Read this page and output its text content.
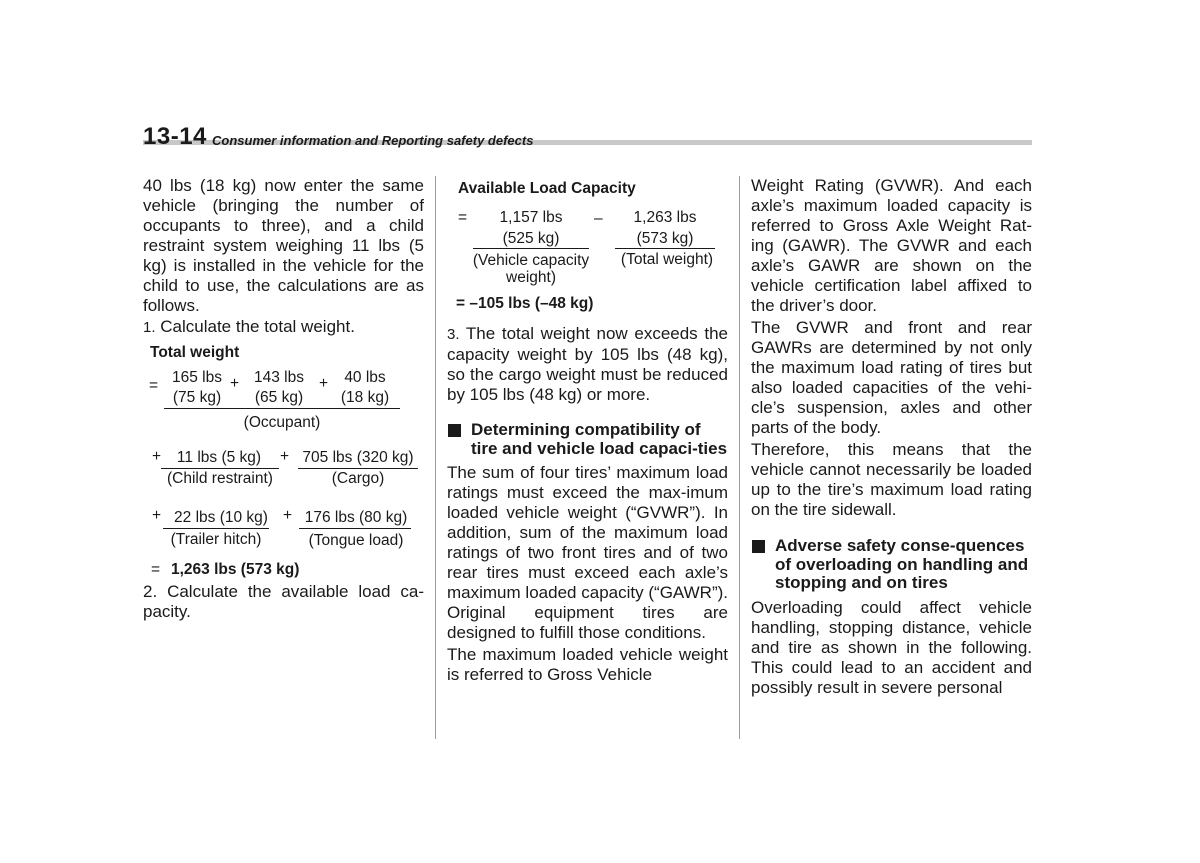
13-14 Consumer information and Reporting safety defects

40 lbs (18 kg) now enter the same vehicle (bringing the number of occupants to three), and a child restraint system weighing 11 lbs (5 kg) is installed in the vehicle for the child to use, the calculations are as follows.

1. Calculate the total weight.

Total weight
= 165 lbs
(75 kg)
+ 143 lbs
(65 kg)
+	40 lbs
(18 kg)
(Occupant)
+	11 lbs (5 kg)
(Child restraint)
+ 705 lbs (320 kg)
(Cargo)
+ 22 lbs (10 kg)
(Trailer hitch)
+ 176 lbs (80 kg)
(Tongue load)
= 1,263 lbs (573 kg)

2. Calculate the available load ca-pacity.

Available Load Capacity
=	1,157 lbs
(525 kg)
(Vehicle capacity weight)
–	1,263 lbs
(573 kg)
(Total weight)
= –105 lbs (–48 kg)

3. The total weight now exceeds the capacity weight by 105 lbs (48 kg), so the cargo weight must be reduced by 105 lbs (48 kg) or more.

Determining compatibility of tire and vehicle load capaci-ties

The sum of four tires’ maximum load ratings must exceed the max-imum loaded vehicle weight (“GVWR”). In addition, sum of the maximum load ratings of two front tires and of two rear tires must exceed each axle’s maximum loaded capacity (“GAWR”). Original equipment tires are designed to fulfill those conditions.

The maximum loaded vehicle weight is referred to Gross Vehicle

Weight Rating (GVWR). And each axle’s maximum loaded capacity is referred to Gross Axle Weight Rat-ing (GAWR). The GVWR and each axle’s GAWR are shown on the vehicle certification label affixed to the driver’s door.

The GVWR and front and rear GAWRs are determined by not only the maximum load rating of tires but also loaded capacities of the vehi-cle’s suspension, axles and other parts of the body.

Therefore, this means that the vehicle cannot necessarily be loaded up to the tire’s maximum load rating on the tire sidewall.

Adverse safety conse-quences of overloading on handling and stopping and on tires

Overloading could affect vehicle handling, stopping distance, vehicle and tire as shown in the following. This could lead to an accident and possibly result in severe personal
